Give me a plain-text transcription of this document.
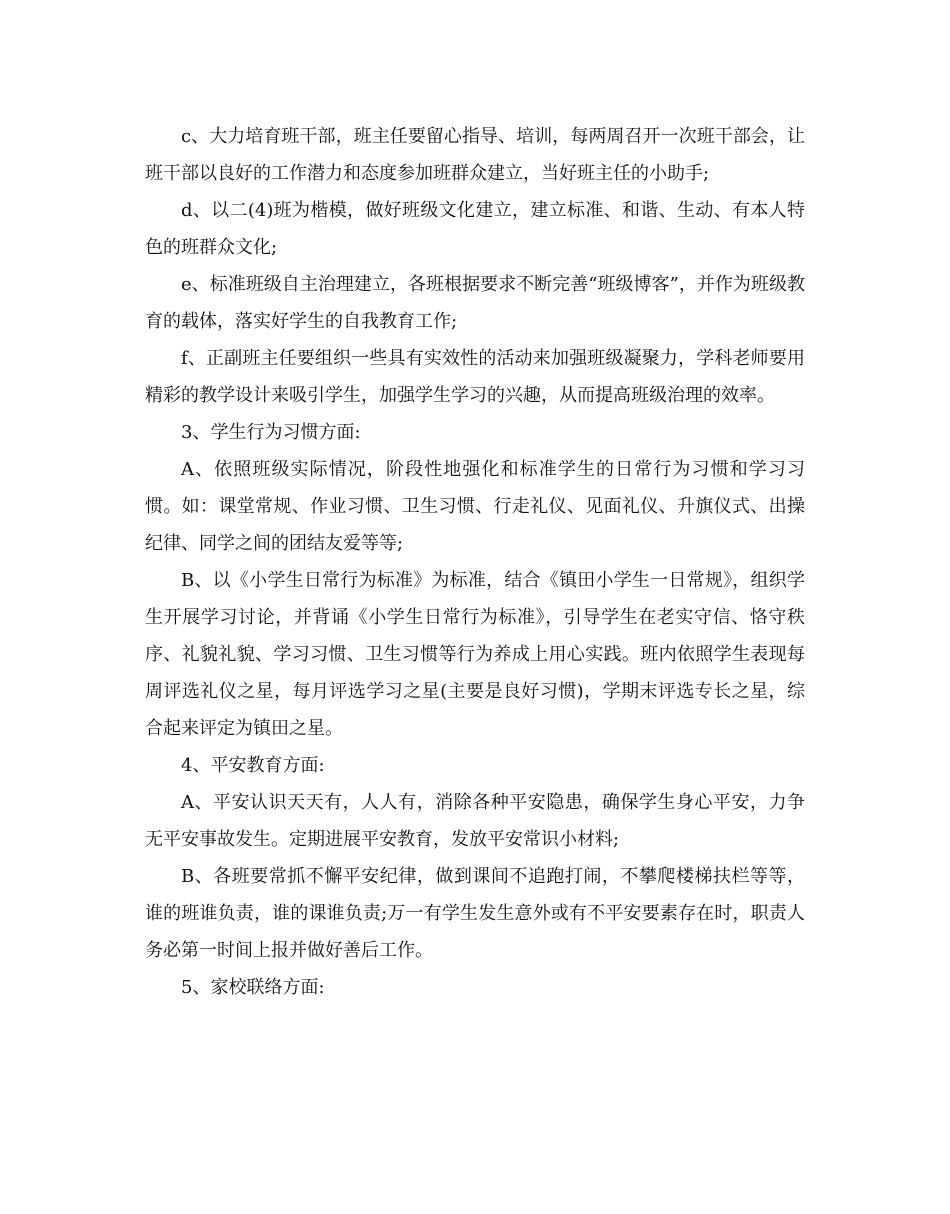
c、大力培育班干部，班主任要留心指导、培训，每两周召开一次班干部会，让班干部以良好的工作潜力和态度参加班群众建立，当好班主任的小助手;

d、以二(4)班为楷模，做好班级文化建立，建立标准、和谐、生动、有本人特色的班群众文化;

e、标准班级自主治理建立，各班根据要求不断完善“班级博客”，并作为班级教育的载体，落实好学生的自我教育工作;

f、正副班主任要组织一些具有实效性的活动来加强班级凝聚力，学科老师要用精彩的教学设计来吸引学生，加强学生学习的兴趣，从而提高班级治理的效率。

3、学生行为习惯方面:

A、依照班级实际情况，阶段性地强化和标准学生的日常行为习惯和学习习惯。如：课堂常规、作业习惯、卫生习惯、行走礼仪、见面礼仪、升旗仪式、出操纪律、同学之间的团结友爱等等;

B、以《小学生日常行为标准》为标准，结合《镇田小学生一日常规》，组织学生开展学习讨论，并背诵《小学生日常行为标准》，引导学生在老实守信、恪守秩序、礼貌礼貌、学习习惯、卫生习惯等行为养成上用心实践。班内依照学生表现每周评选礼仪之星，每月评选学习之星(主要是良好习惯)，学期末评选专长之星，综合起来评定为镇田之星。

4、平安教育方面:

A、平安认识天天有，人人有，消除各种平安隐患，确保学生身心平安，力争无平安事故发生。定期进展平安教育，发放平安常识小材料;

B、各班要常抓不懈平安纪律，做到课间不追跑打闹，不攀爬楼梯扶栏等等，谁的班谁负责，谁的课谁负责;万一有学生发生意外或有不平安要素存在时，职责人务必第一时间上报并做好善后工作。

5、家校联络方面:
